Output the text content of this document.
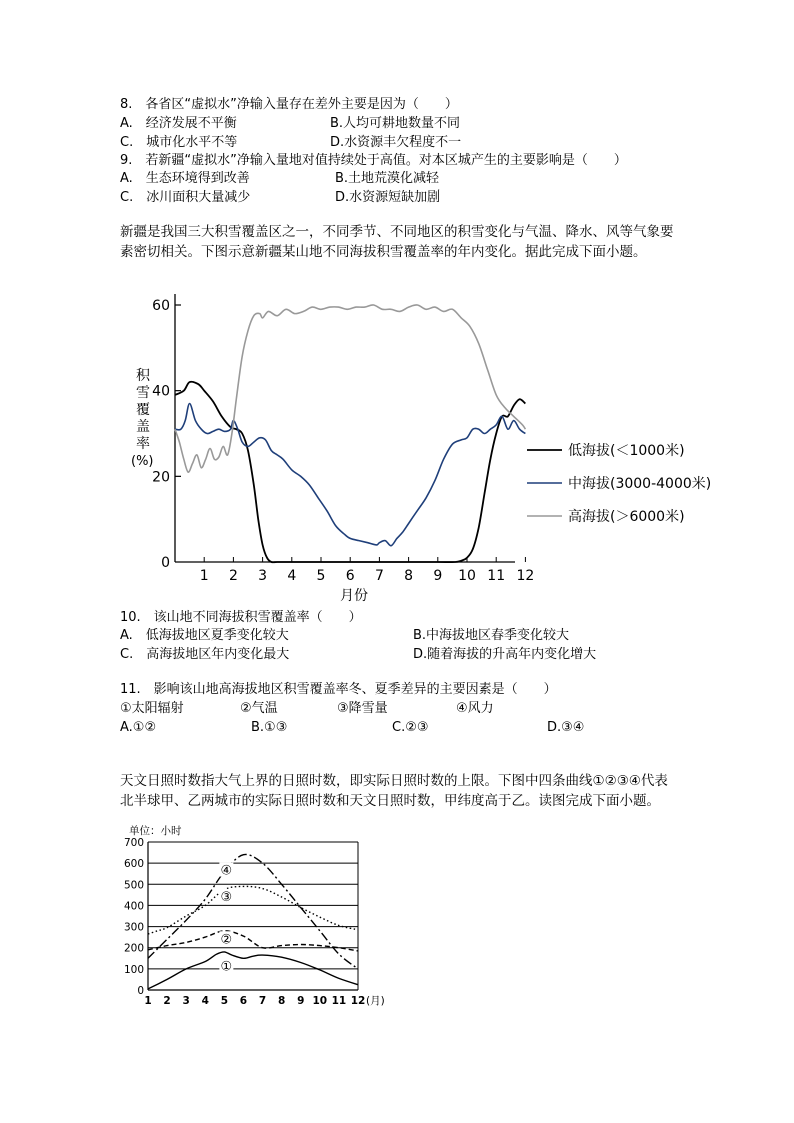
8.　各省区“虚拟水”净输入量存在差外主要是因为（　　）
A.　经济发展不平衡	B.人均可耕地数量不同
C.　城市化水平不等	D.水资源丰欠程度不一
9.　若新疆“虚拟水”净输入量地对值持续处于高值。对本区城产生的主要影响是（　　）
A.　生态环境得到改善	B.土地荒漠化减轻
C.　冰川面积大量减少	D.水资源短缺加剧
新疆是我国三大积雪覆盖区之一，不同季节、不同地区的积雪变化与气温、降水、风等气象要素密切相关。下图示意新疆某山地不同海拔积雪覆盖率的年内变化。据此完成下面小题。
0
20
40
60
1 2 3 4 5 6 7 8 9 10 11 12
低海拔(＜1000米)
中海拔(3000-4000米)
高海拔(＞6000米)
月份
积
雪
覆
盖
率
(%)
10.　该山地不同海拔积雪覆盖率（　　）
A.　低海拔地区夏季变化较大	B.中海拔地区春季变化较大
C.　高海拔地区年内变化最大	D.随着海拔的升高年内变化增大
11.　影响该山地高海拔地区积雪覆盖率冬、夏季差异的主要因素是（　　）
①太阳辐射	②气温	③降雪量	④风力
A.①②	B.①③	C.②③	D.③④
天文日照时数指大气上界的日照时数，即实际日照时数的上限。下图中四条曲线①②③④代表北半球甲、乙两城市的实际日照时数和天文日照时数，甲纬度高于乙。读图完成下面小题。
单位：小时
0
100
200
300
400
500
600
700
1 2 3 4 5 6 7 8 9 10 11 12 (月)
①
②
③
④
